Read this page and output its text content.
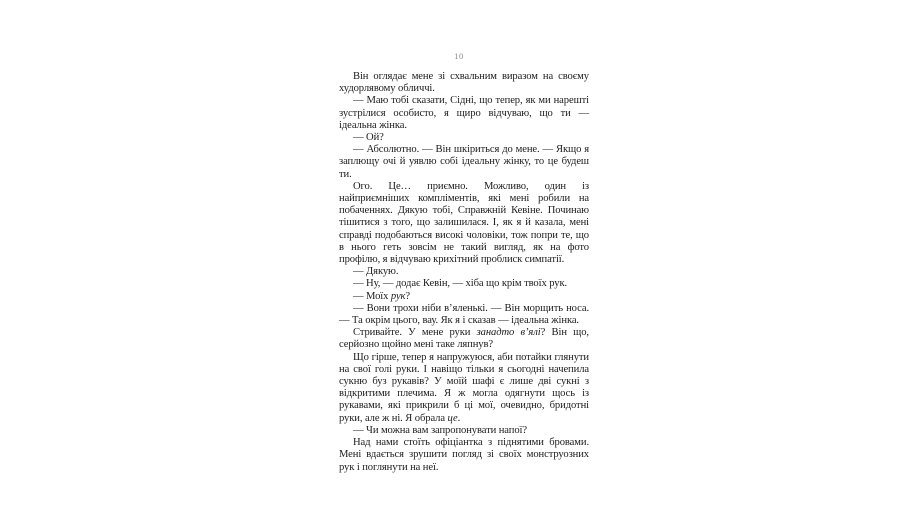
10

Він оглядає мене зі схвальним виразом на своєму худорлявому обличчі.

— Маю тобі сказати, Сідні, що тепер, як ми нарешті зустрілися особисто, я щиро відчуваю, що ти — ідеальна жінка.

— Ой?

— Абсолютно. — Він шкіриться до мене. — Якщо я заплющу очі й уявлю собі ідеальну жінку, то це будеш ти.

Ого. Це… приємно. Можливо, один із найприємніших компліментів, які мені робили на побаченнях. Дякую тобі, Справжній Кевіне. Починаю тішитися з того, що залишилася. І, як я й казала, мені справді подобаються високі чоловіки, тож попри те, що в нього геть зовсім не такий вигляд, як на фото профілю, я відчуваю крихітний проблиск симпатії.

— Дякую.

— Ну, — додає Кевін, — хіба що крім твоїх рук.

— Моїх рук?

— Вони трохи ніби в’яленькі. — Він морщить носа. — Та окрім цього, вау. Як я і сказав — ідеальна жінка.

Стривайте. У мене руки занадто в’ялі? Він що, серйозно щойно мені таке ляпнув?

Що гірше, тепер я напружуюся, аби потайки глянути на свої голі руки. І навіщо тільки я сьогодні начепила сукню буз рукавів? У моїй шафі є лише дві сукні з відкритими плечима. Я ж могла одягнути щось із рукавами, які прикрили б ці мої, очевидно, бридотні руки, але ж ні. Я обрала це.

— Чи можна вам запропонувати напої?

Над нами стоїть офіціантка з піднятими бровами. Мені вдається зрушити погляд зі своїх монструозних рук і поглянути на неї.
